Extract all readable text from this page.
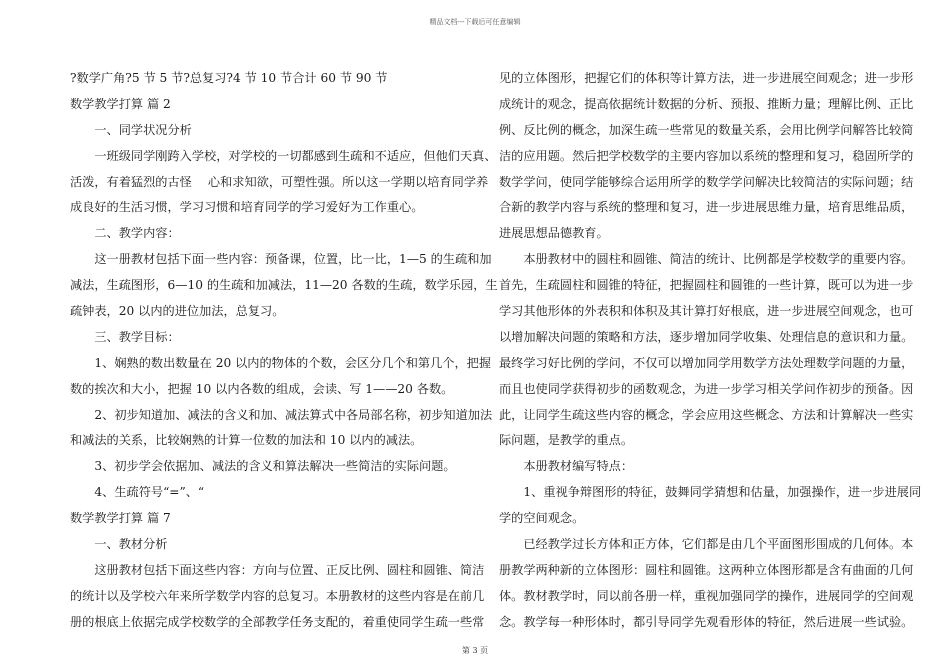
精品文档---下载后可任意编辑
?数学广角?5 节 5 节?总复习?4 节 10 节合计 60 节 90 节
数学教学打算 篇 2
　　一、同学状况分析
　　一班级同学刚跨入学校，对学校的一切都感到生疏和不适应，但他们天真、
活泼，有着猛烈的古怪　 心和求知欲，可塑性强。所以这一学期以培育同学养
成良好的生活习惯，学习习惯和培育同学的学习爱好为工作重心。
　　二、教学内容：
　　这一册教材包括下面一些内容：预备课，位置，比一比，1—5 的生疏和加
减法，生疏图形，6—10 的生疏和加减法，11—20 各数的生疏，数学乐园，生
疏钟表，20 以内的进位加法，总复习。
　　三、教学目标：
　　1、娴熟的数出数量在 20 以内的物体的个数，会区分几个和第几个，把握
数的挨次和大小，把握 10 以内各数的组成，会读、写 1——20 各数。
　　2、初步知道加、减法的含义和加、减法算式中各局部名称，初步知道加法
和减法的关系，比较娴熟的计算一位数的加法和 10 以内的减法。
　　3、初步学会依据加、减法的含义和算法解决一些简洁的实际问题。
　　4、生疏符号“=”、“
数学教学打算 篇 7
　　一、教材分析
　　这册教材包括下面这些内容：方向与位置、正反比例、圆柱和圆锥、简洁
的统计以及学校六年来所学数学内容的总复习。本册教材的这些内容是在前几
册的根底上依据完成学校数学的全部教学任务支配的，着重使同学生疏一些常
见的立体图形，把握它们的体积等计算方法，进一步进展空间观念；进一步形
成统计的观念，提高依据统计数据的分析、预报、推断力量；理解比例、正比
例、反比例的概念，加深生疏一些常见的数量关系，会用比例学问解答比较简
洁的应用题。然后把学校数学的主要内容加以系统的整理和复习，稳固所学的
数学学问，使同学能够综合运用所学的数学学问解决比较简洁的实际问题；结
合新的教学内容与系统的整理和复习，进一步进展思维力量，培育思维品质，
进展思想品德教育。
　　本册教材中的圆柱和圆锥、简洁的统计、比例都是学校数学的重要内容。
首先，生疏圆柱和圆锥的特征，把握圆柱和圆锥的一些计算，既可以为进一步
学习其他形体的外表积和体积及其计算打好根底，进一步进展空间观念，也可
以增加解决问题的策略和方法，逐步增加同学收集、处理信息的意识和力量。
最终学习好比例的学问，不仅可以增加同学用数学方法处理数学问题的力量，
而且也使同学获得初步的函数观念，为进一步学习相关学问作初步的预备。因
此，让同学生疏这些内容的概念，学会应用这些概念、方法和计算解决一些实
际问题，是教学的重点。
　　本册教材编写特点：
　　1、重视争辩图形的特征，鼓舞同学猜想和估量，加强操作，进一步进展同
学的空间观念。
　　已经教学过长方体和正方体，它们都是由几个平面图形围成的几何体。本
册教学两种新的立体图形：圆柱和圆锥。这两种立体图形都是含有曲面的几何
体。教材教学时，同以前各册一样，重视加强同学的操作，进展同学的空间观
念。教学每一种形体时，都引导同学先观看形体的特征，然后进展一些试验。
第 3 页
